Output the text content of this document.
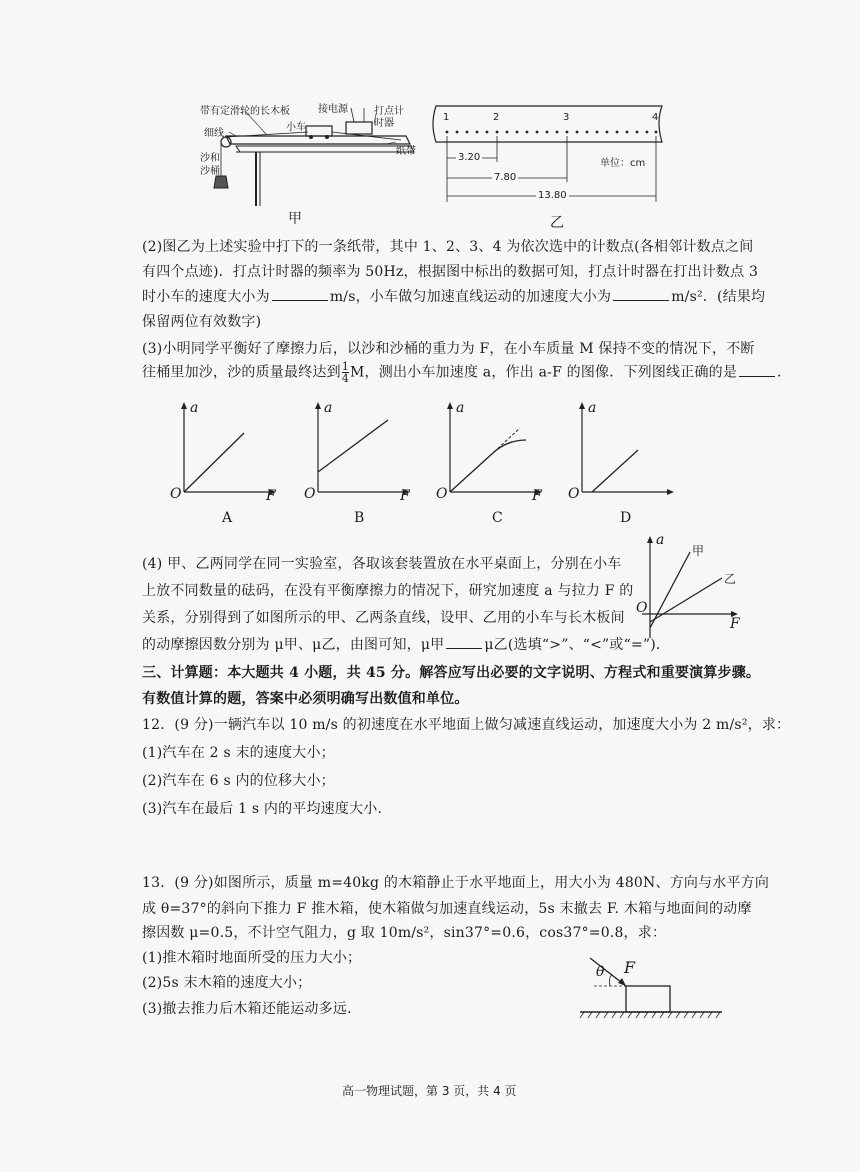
带有定滑轮的长木板	接电源	打点计时器
小车
细线
沙和沙桶
纸带
甲
1	2	3	4
3.20
7.80
13.80
单位：cm
乙
(2)图乙为上述实验中打下的一条纸带，其中 1、2、3、4 为依次选中的计数点(各相邻计数点之间
有四个点迹)．打点计时器的频率为 50Hz，根据图中标出的数据可知，打点计时器在打出计数点 3
时小车的速度大小为	m/s，小车做匀加速直线运动的加速度大小为	m/s²．(结果均
保留两位有效数字)
(3)小明同学平衡好了摩擦力后，以沙和沙桶的重力为 F，在小车质量 M 保持不变的情况下，不断
往桶里加沙，沙的质量最终达到 $\frac{1}{4}$ M，测出小车加速度 a，作出 a-F 的图像．下列图线正确的是	．
a
F
O
a
F
O
a
F
O
a
O
A	B	C	D
(4) 甲、乙两同学在同一实验室，各取该套装置放在水平桌面上，分别在小车
上放不同数量的砝码，在没有平衡摩擦力的情况下，研究加速度 a 与拉力 F 的
关系，分别得到了如图所示的甲、乙两条直线，设甲、乙用的小车与长木板间
的动摩擦因数分别为 μ甲、μ乙，由图可知，μ甲	μ乙(选填“>”、“<”或“=”)．
a
F
O
甲
乙
三、计算题：本大题共 4 小题，共 45 分。解答应写出必要的文字说明、方程式和重要演算步骤。
有数值计算的题，答案中必须明确写出数值和单位。
12．(9 分)一辆汽车以 10 m/s 的初速度在水平地面上做匀减速直线运动，加速度大小为 2 m/s²，求：
(1)汽车在 2 s 末的速度大小；
(2)汽车在 6 s 内的位移大小；
(3)汽车在最后 1 s 内的平均速度大小.
13．(9 分)如图所示，质量 m=40kg 的木箱静止于水平地面上，用大小为 480N、方向与水平方向
成 θ=37°的斜向下推力 F 推木箱，使木箱做匀加速直线运动，5s 末撤去 F. 木箱与地面间的动摩
擦因数 μ=0.5，不计空气阻力，g 取 10m/s²，sin37°=0.6，cos37°=0.8，求：
(1)推木箱时地面所受的压力大小；
(2)5s 末木箱的速度大小；
(3)撤去推力后木箱还能运动多远.
θ F
高一物理试题，第 3 页，共 4 页
